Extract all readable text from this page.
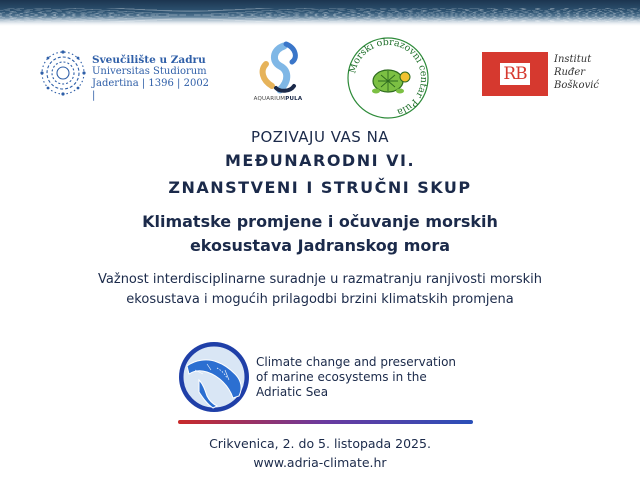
Sveučilište u Zadru
Universitas Studiorum
Jadertina | 1396 | 2002 |	AQUARIUMPULA
Morski obrazovni centar Pula
RB
Institut
Ruđer
Bošković
POZIVAJU VAS NA
MEĐUNARODNI VI.
ZNANSTVENI I STRUČNI SKUP
Klimatske promjene i očuvanje morskih
ekosustava Jadranskog mora
Važnost interdisciplinarne suradnje u razmatranju ranjivosti morskih
ekosustava i mogućih prilagodbi brzini klimatskih promjena
Climate change and preservation
of marine ecosystems in the
Adriatic Sea
Crikvenica, 2. do 5. listopada 2025.
www.adria-climate.hr
